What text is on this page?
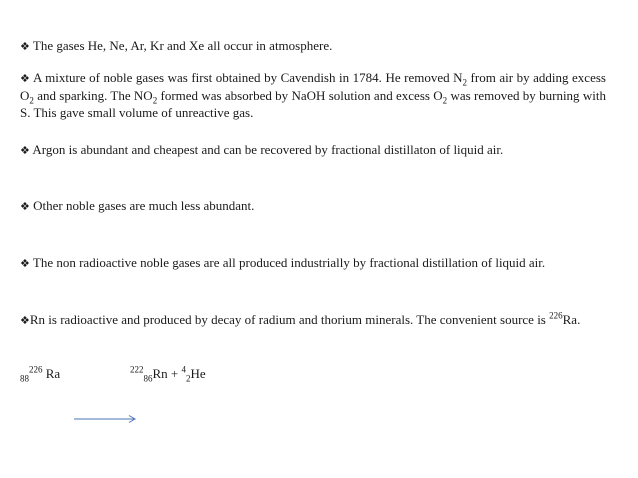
❖ The gases He, Ne, Ar, Kr and Xe all occur in atmosphere.
❖ A mixture of noble gases was first obtained by Cavendish in 1784. He removed $N_2$ from air by adding excess $O_2$ and sparking. The $NO_2$ formed was absorbed by NaOH solution and excess $O_2$ was removed by burning with S. This gave small volume of unreactive gas.
❖ Argon is abundant and cheapest and can be recovered by fractional distillaton of liquid air.
❖ Other noble gases are much less abundant.
❖ The non radioactive noble gases are all produced industrially by fractional distillation of liquid air.
❖Rn is radioactive and produced by decay of radium and thorium minerals. The convenient source is $^{226}$Ra.
$_{88}^{226}$ Ra	$^{222}_{86}$Rn + $^4_2$He
